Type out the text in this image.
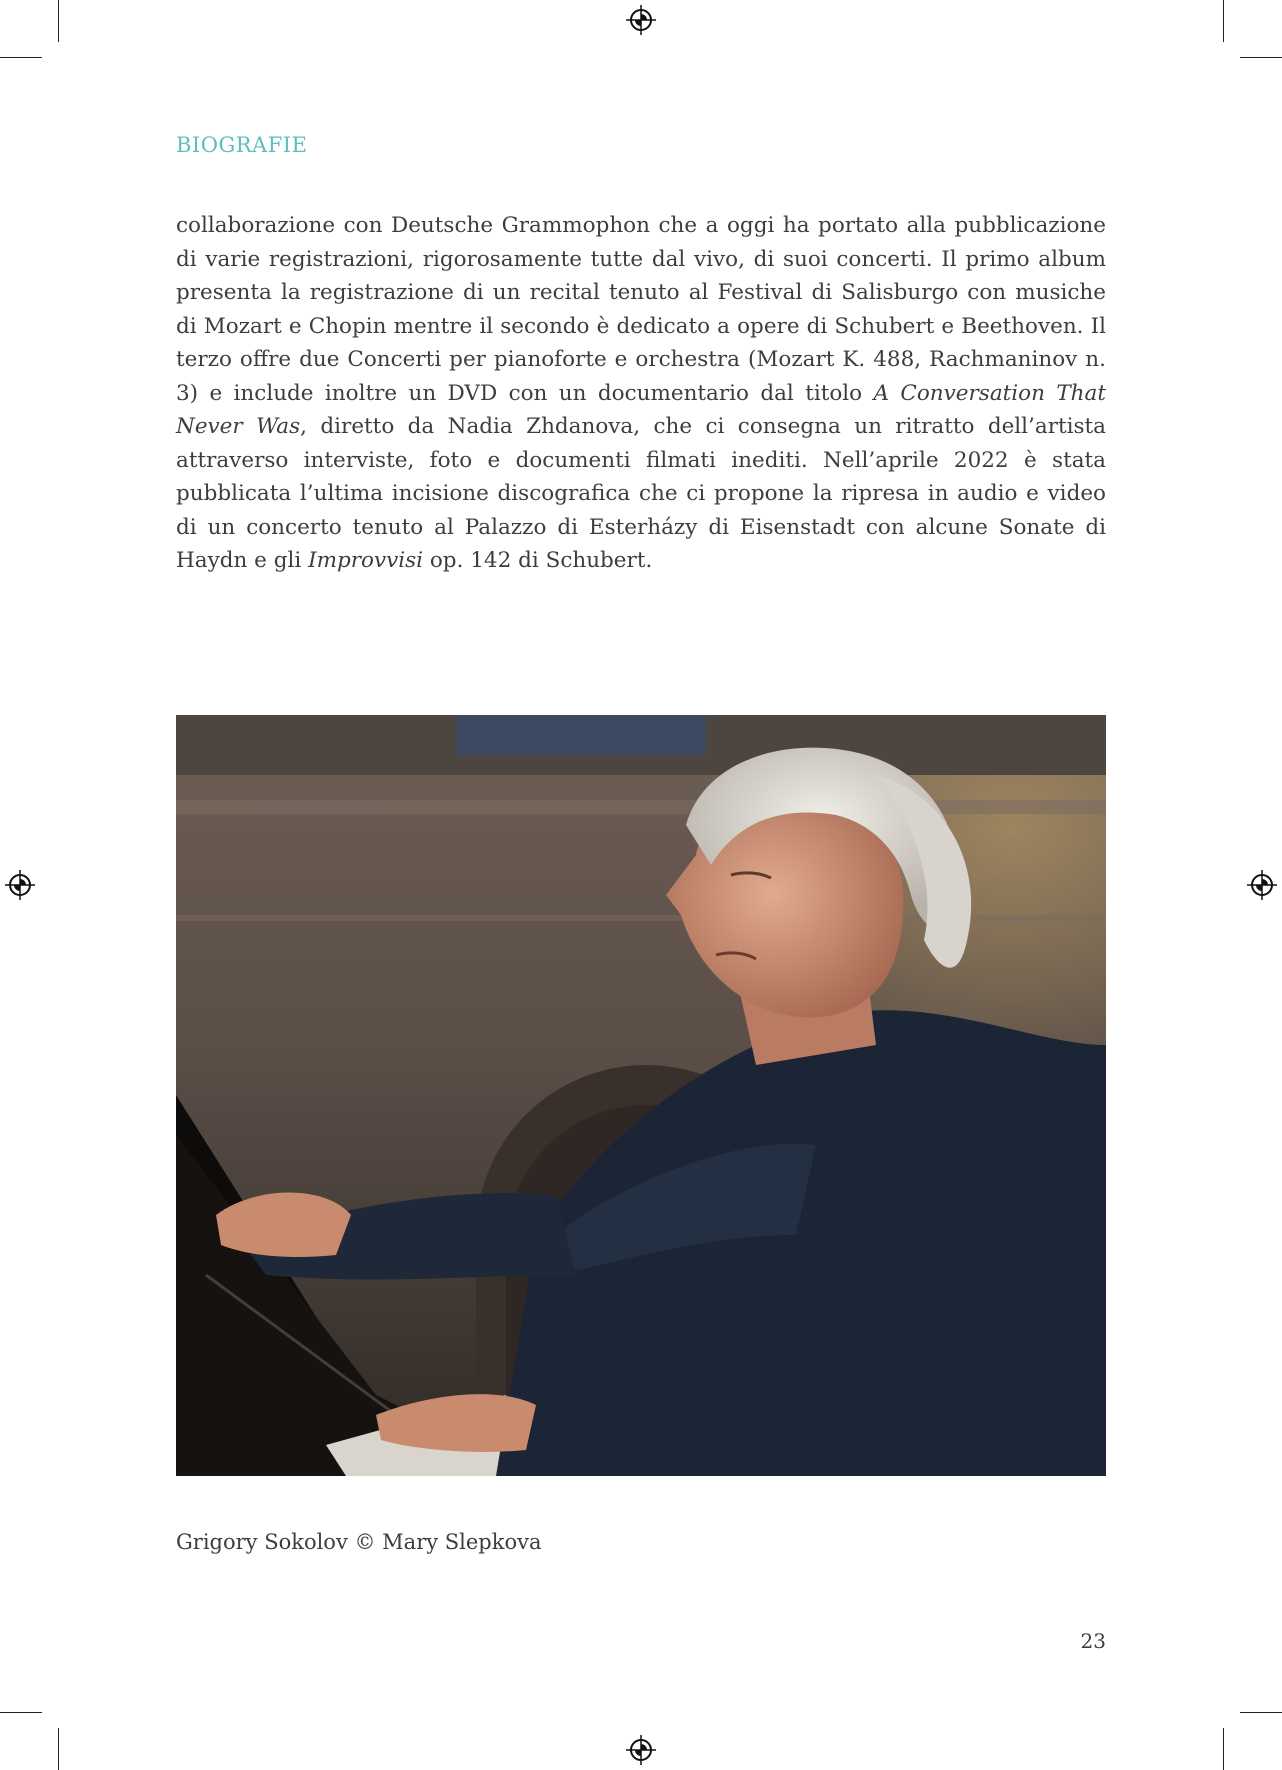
BIOGRAFIE

collaborazione con Deutsche Grammophon che a oggi ha portato alla pubblicazione di varie registrazioni, rigorosamente tutte dal vivo, di suoi concerti. Il primo album presenta la registrazione di un recital tenuto al Festival di Salisburgo con musiche di Mozart e Chopin mentre il secondo è dedicato a opere di Schubert e Beethoven. Il terzo offre due Concerti per pianoforte e orchestra (Mozart K. 488, Rachmaninov n. 3) e include inoltre un DVD con un documentario dal titolo A Conversation That Never Was, diretto da Nadia Zhdanova, che ci consegna un ritratto dell’artista attraverso interviste, foto e documenti filmati inediti. Nell’aprile 2022 è stata pubblicata l’ultima incisione discografica che ci propone la ripresa in audio e video di un concerto tenuto al Palazzo di Esterházy di Eisenstadt con alcune Sonate di Haydn e gli Improvvisi op. 142 di Schubert.

Grigory Sokolov © Mary Slepkova
23
